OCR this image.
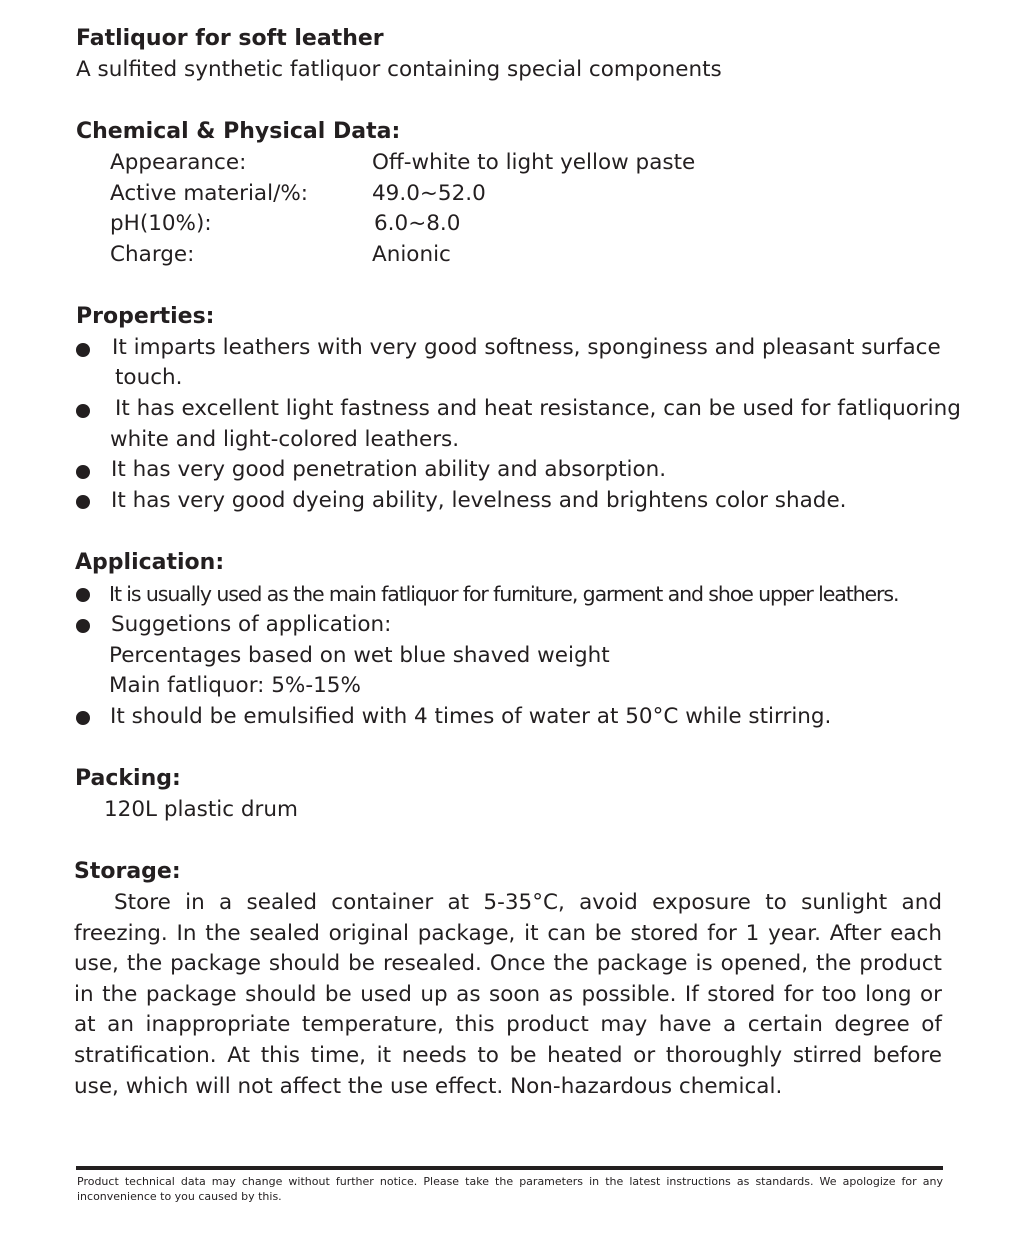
Fatliquor for soft leather

A sulfited synthetic fatliquor containing special components

Chemical & Physical Data:

Appearance:	Off-white to light yellow paste
Active material/%:	49.0~52.0
pH(10%):	6.0~8.0
Charge:	Anionic

Properties:

It imparts leathers with very good softness, sponginess and pleasant surface

touch.

It has excellent light fastness and heat resistance, can be used for fatliquoring

white and light-colored leathers.

It has very good penetration ability and absorption.

It has very good dyeing ability, levelness and brightens color shade.

Application:

It is usually used as the main fatliquor for furniture, garment and shoe upper leathers.

Suggetions of application:

Percentages based on wet blue shaved weight

Main fatliquor: 5%-15%

It should be emulsified with 4 times of water at 50°C while stirring.

Packing:

120L plastic drum

Storage:

Store in a sealed container at 5-35°C, avoid exposure to sunlight and freezing. In the sealed original package, it can be stored for 1 year. After each use, the package should be resealed. Once the package is opened, the product in the package should be used up as soon as possible. If stored for too long or at an inappropriate temperature, this product may have a certain degree of stratification. At this time, it needs to be heated or thoroughly stirred before use, which will not affect the use effect. Non-hazardous chemical.

Product technical data may change without further notice. Please take the parameters in the latest instructions as standards. We apologize for any inconvenience to you caused by this.
